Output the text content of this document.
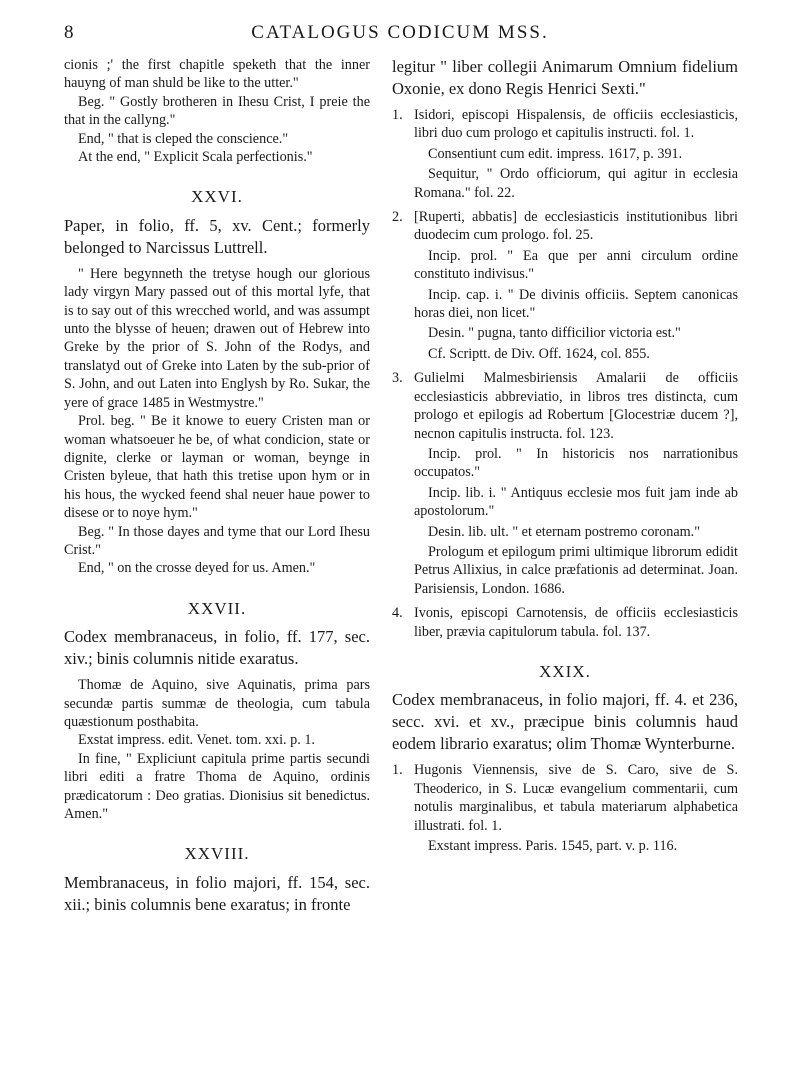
8	CATALOGUS CODICUM MSS.

cionis ;' the first chapitle speketh that the inner hauyng of man shuld be like to the utter."

Beg. " Gostly brotheren in Ihesu Crist, I preie the that in the callyng."

End, " that is cleped the conscience."

At the end, " Explicit Scala perfectionis."

XXVI.

Paper, in folio, ff. 5, xv. Cent.; formerly belonged to Narcissus Luttrell.

" Here begynneth the tretyse hough our glorious lady virgyn Mary passed out of this mortal lyfe, that is to say out of this wrecched world, and was assumpt unto the blysse of heuen; drawen out of Hebrew into Greke by the prior of S. John of the Rodys, and translatyd out of Greke into Laten by the sub-prior of S. John, and out Laten into Englysh by Ro. Sukar, the yere of grace 1485 in Westmystre."

Prol. beg. " Be it knowe to euery Cristen man or woman whatsoeuer he be, of what condicion, state or dignite, clerke or layman or woman, beynge in Cristen byleue, that hath this tretise upon hym or in his hous, the wycked feend shal neuer haue power to disese or to noye hym."

Beg. " In those dayes and tyme that our Lord Ihesu Crist."

End, " on the crosse deyed for us. Amen."

XXVII.

Codex membranaceus, in folio, ff. 177, sec. xiv.; binis columnis nitide exaratus.

Thomæ de Aquino, sive Aquinatis, prima pars secundæ partis summæ de theologia, cum tabula quæstionum posthabita.

Exstat impress. edit. Venet. tom. xxi. p. 1.

In fine, " Expliciunt capitula prime partis secundi libri editi a fratre Thoma de Aquino, ordinis prædicatorum : Deo gratias. Dionisius sit benedictus. Amen."

XXVIII.

Membranaceus, in folio majori, ff. 154, sec. xii.; binis columnis bene exaratus; in fronte

legitur " liber collegii Animarum Omnium fidelium Oxonie, ex dono Regis Henrici Sexti."

1. Isidori, episcopi Hispalensis, de officiis ecclesiasticis, libri duo cum prologo et capitulis instructi. fol. 1.

Consentiunt cum edit. impress. 1617, p. 391.

Sequitur, " Ordo officiorum, qui agitur in ecclesia Romana." fol. 22.

2. [Ruperti, abbatis] de ecclesiasticis institutionibus libri duodecim cum prologo. fol. 25.

Incip. prol. " Ea que per anni circulum ordine constituto indivisus."

Incip. cap. i. " De divinis officiis. Septem canonicas horas diei, non licet."

Desin. " pugna, tanto difficilior victoria est."

Cf. Scriptt. de Div. Off. 1624, col. 855.

3. Gulielmi Malmesbiriensis Amalarii de officiis ecclesiasticis abbreviatio, in libros tres distincta, cum prologo et epilogis ad Robertum [Glocestriæ ducem ?], necnon capitulis instructa. fol. 123.

Incip. prol. " In historicis nos narrationibus occupatos."

Incip. lib. i. " Antiquus ecclesie mos fuit jam inde ab apostolorum."

Desin. lib. ult. " et eternam postremo coronam."

Prologum et epilogum primi ultimique librorum edidit Petrus Allixius, in calce præfationis ad determinat. Joan. Parisiensis, London. 1686.

4. Ivonis, episcopi Carnotensis, de officiis ecclesiasticis liber, prævia capitulorum tabula. fol. 137.

XXIX.

Codex membranaceus, in folio majori, ff. 4. et 236, secc. xvi. et xv., præcipue binis columnis haud eodem librario exaratus; olim Thomæ Wynterburne.

1. Hugonis Viennensis, sive de S. Caro, sive de S. Theoderico, in S. Lucæ evangelium commentarii, cum notulis marginalibus, et tabula materiarum alphabetica illustrati. fol. 1.

Exstant impress. Paris. 1545, part. v. p. 116.
